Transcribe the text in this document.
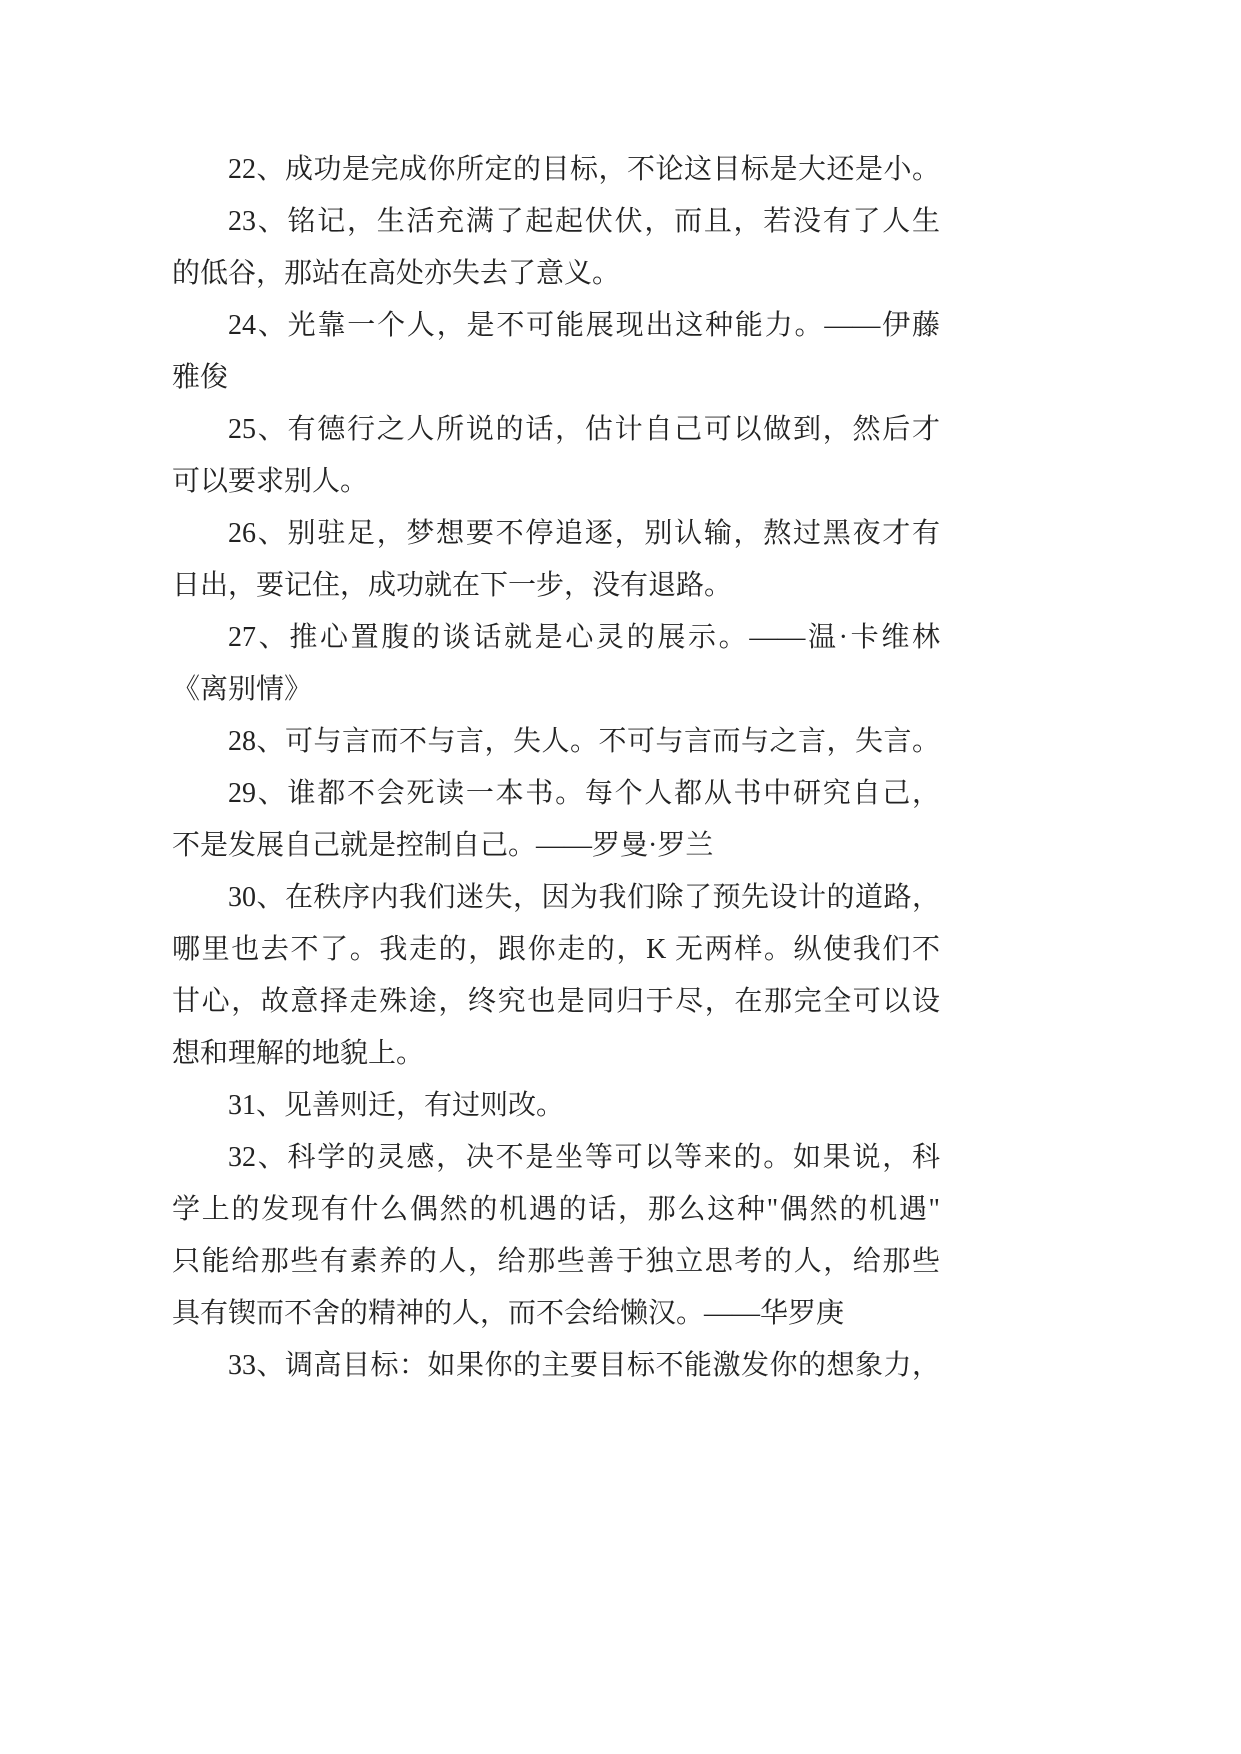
22、成功是完成你所定的目标，不论这目标是大还是小。
23、铭记，生活充满了起起伏伏，而且，若没有了人生
的低谷，那站在高处亦失去了意义。
24、光靠一个人，是不可能展现出这种能力。——伊藤
雅俊
25、有德行之人所说的话，估计自己可以做到，然后才
可以要求别人。
26、别驻足，梦想要不停追逐，别认输，熬过黑夜才有
日出，要记住，成功就在下一步，没有退路。
27、推心置腹的谈话就是心灵的展示。——温·卡维林
《离别情》
28、可与言而不与言，失人。不可与言而与之言，失言。
29、谁都不会死读一本书。每个人都从书中研究自己，
不是发展自己就是控制自己。——罗曼·罗兰
30、在秩序内我们迷失，因为我们除了预先设计的道路，
哪里也去不了。我走的，跟你走的，K 无两样。纵使我们不
甘心，故意择走殊途，终究也是同归于尽，在那完全可以设
想和理解的地貌上。
31、见善则迁，有过则改。
32、科学的灵感，决不是坐等可以等来的。如果说，科
学上的发现有什么偶然的机遇的话，那么这种"偶然的机遇"
只能给那些有素养的人，给那些善于独立思考的人，给那些
具有锲而不舍的精神的人，而不会给懒汉。——华罗庚
33、调高目标：如果你的主要目标不能激发你的想象力，
